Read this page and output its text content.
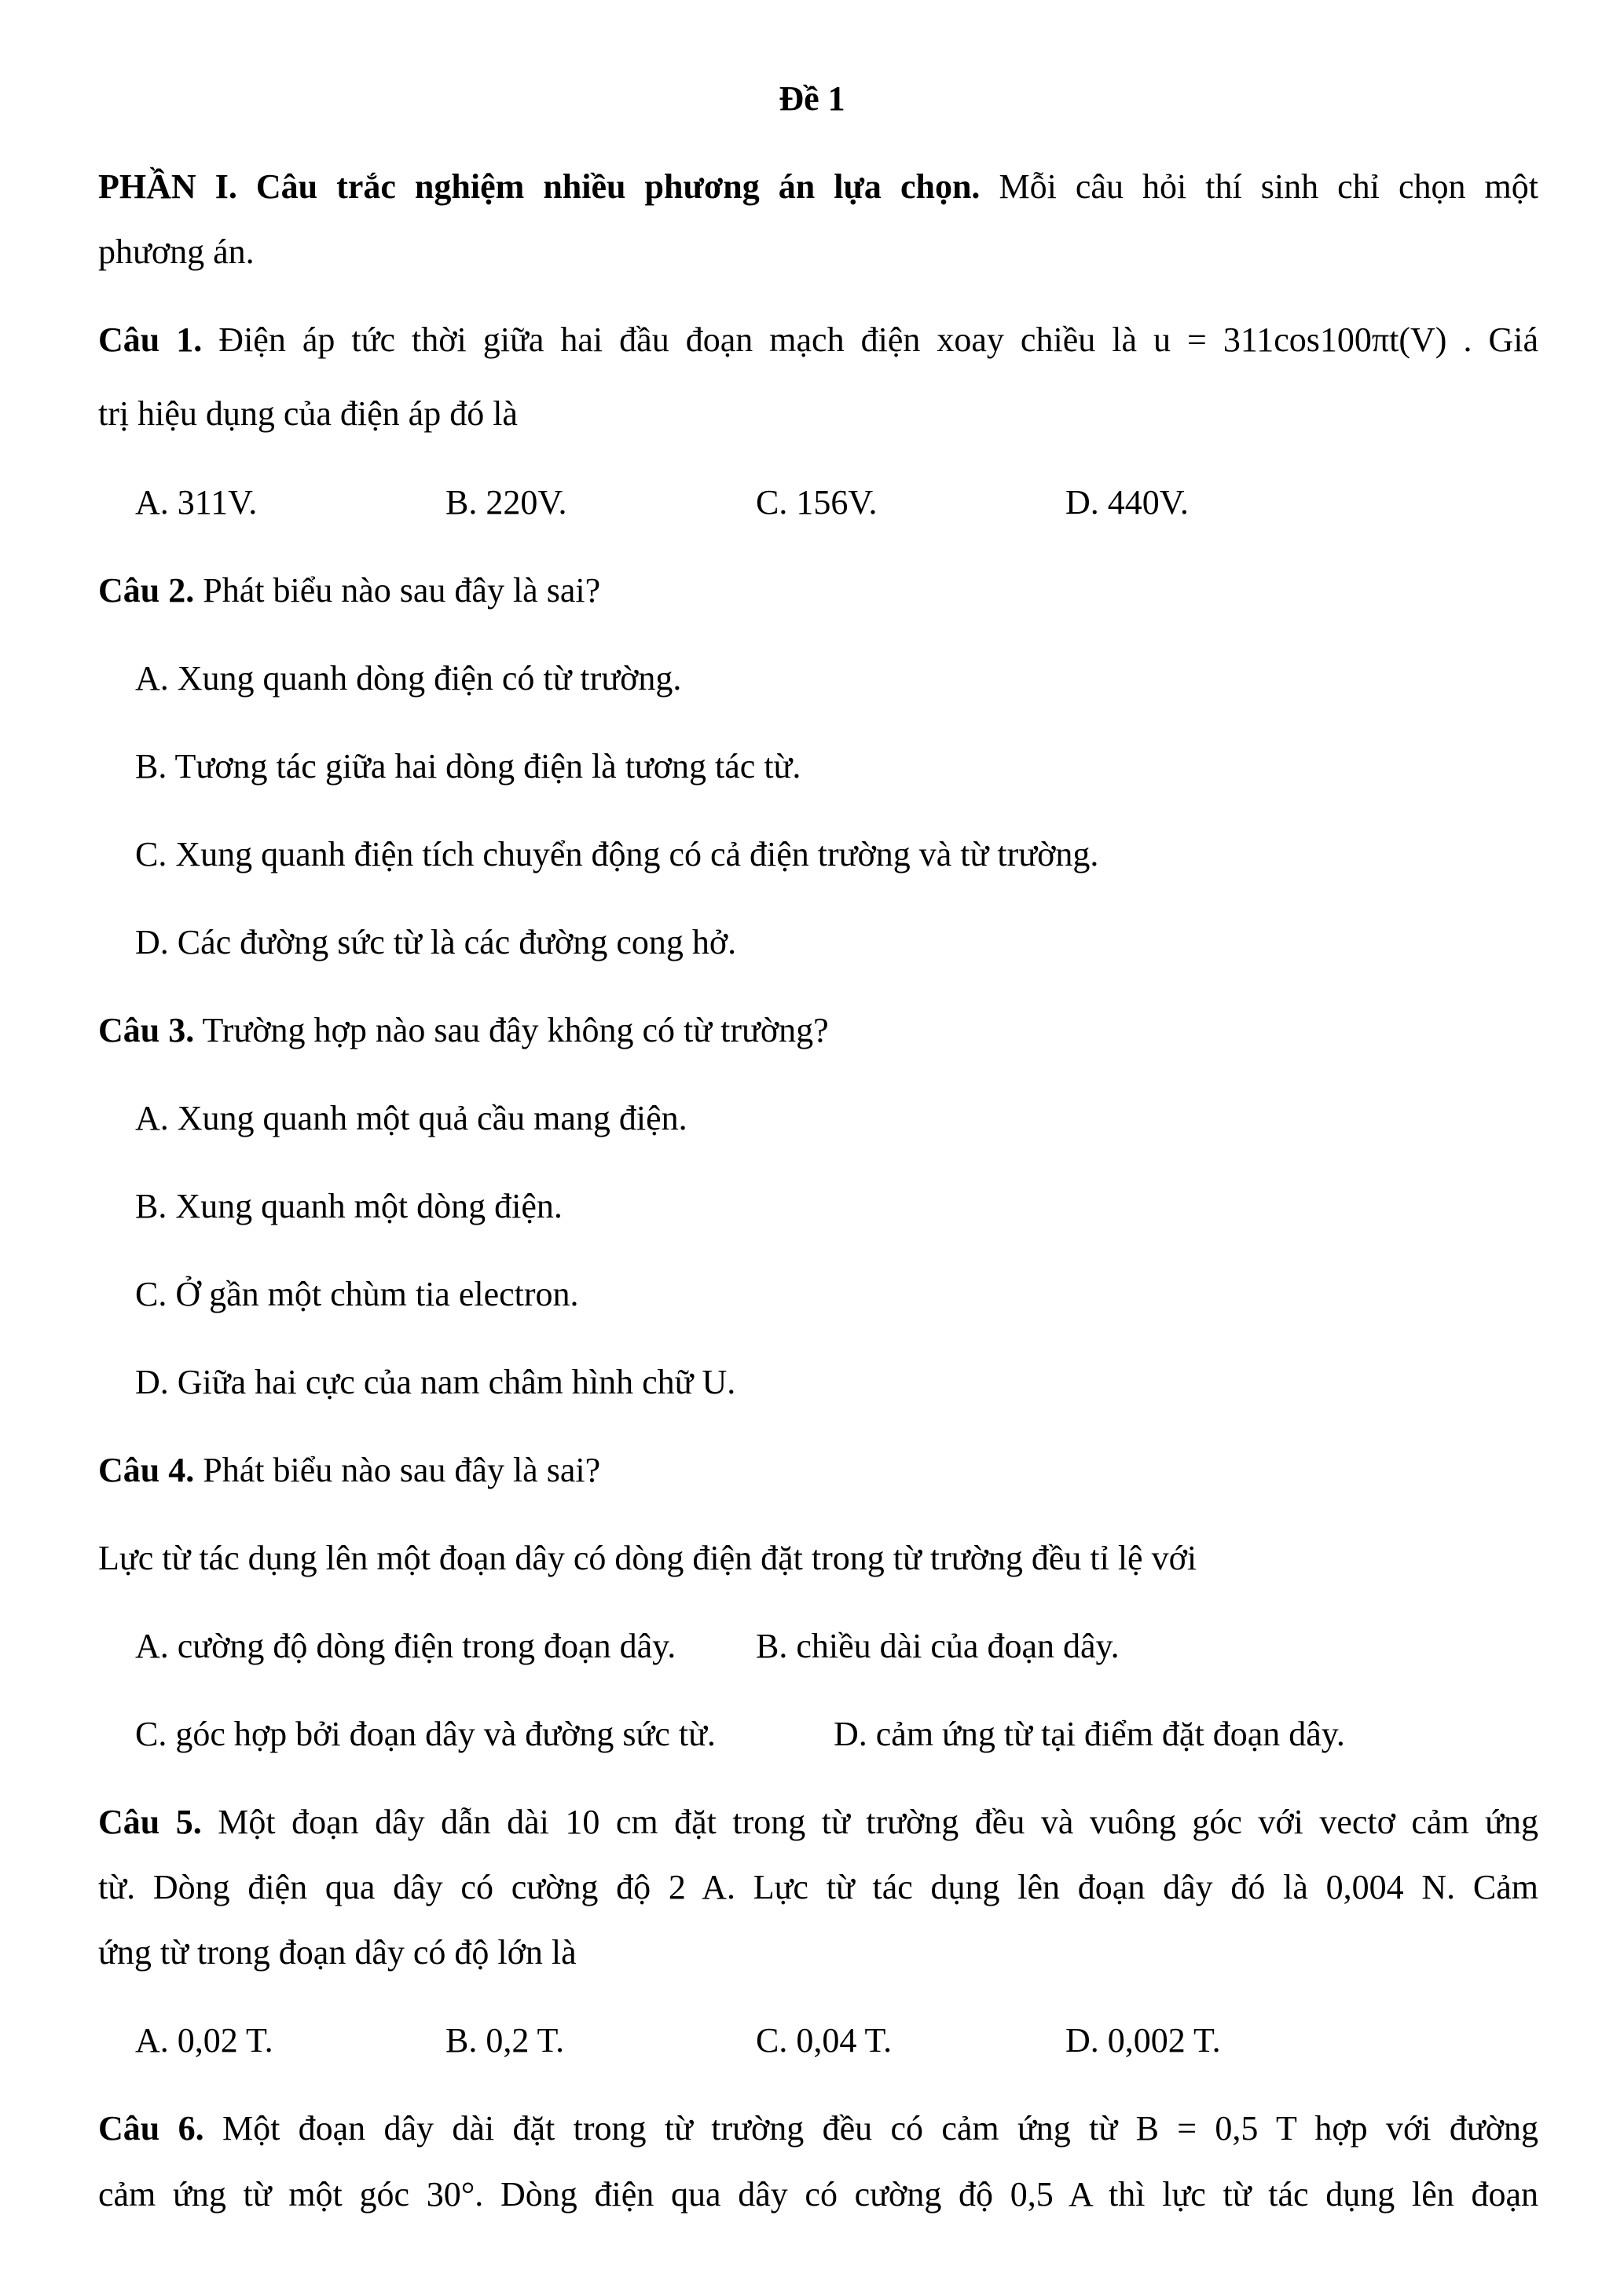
Đề 1
PHẦN I. Câu trắc nghiệm nhiều phương án lựa chọn. Mỗi câu hỏi thí sinh chỉ chọn một
phương án.
Câu 1. Điện áp tức thời giữa hai đầu đoạn mạch điện xoay chiều là u = 311cos100πt(V) . Giá
trị hiệu dụng của điện áp đó là
A. 311V.	B. 220V.	C. 156V.	D. 440V.
Câu 2. Phát biểu nào sau đây là sai?
A. Xung quanh dòng điện có từ trường.
B. Tương tác giữa hai dòng điện là tương tác từ.
C. Xung quanh điện tích chuyển động có cả điện trường và từ trường.
D. Các đường sức từ là các đường cong hở.
Câu 3. Trường hợp nào sau đây không có từ trường?
A. Xung quanh một quả cầu mang điện.
B. Xung quanh một dòng điện.
C. Ở gần một chùm tia electron.
D. Giữa hai cực của nam châm hình chữ U.
Câu 4. Phát biểu nào sau đây là sai?
Lực từ tác dụng lên một đoạn dây có dòng điện đặt trong từ trường đều tỉ lệ với
A. cường độ dòng điện trong đoạn dây. B. chiều dài của đoạn dây.
C. góc hợp bởi đoạn dây và đường sức từ.	D. cảm ứng từ tại điểm đặt đoạn dây.
Câu 5. Một đoạn dây dẫn dài 10 cm đặt trong từ trường đều và vuông góc với vectơ cảm ứng
từ. Dòng điện qua dây có cường độ 2 A. Lực từ tác dụng lên đoạn dây đó là 0,004 N. Cảm
ứng từ trong đoạn dây có độ lớn là
A. 0,02 T.	B. 0,2 T.	C. 0,04 T.	D. 0,002 T.
Câu 6. Một đoạn dây dài đặt trong từ trường đều có cảm ứng từ B = 0,5 T hợp với đường
cảm ứng từ một góc 30°. Dòng điện qua dây có cường độ 0,5 A thì lực từ tác dụng lên đoạn
